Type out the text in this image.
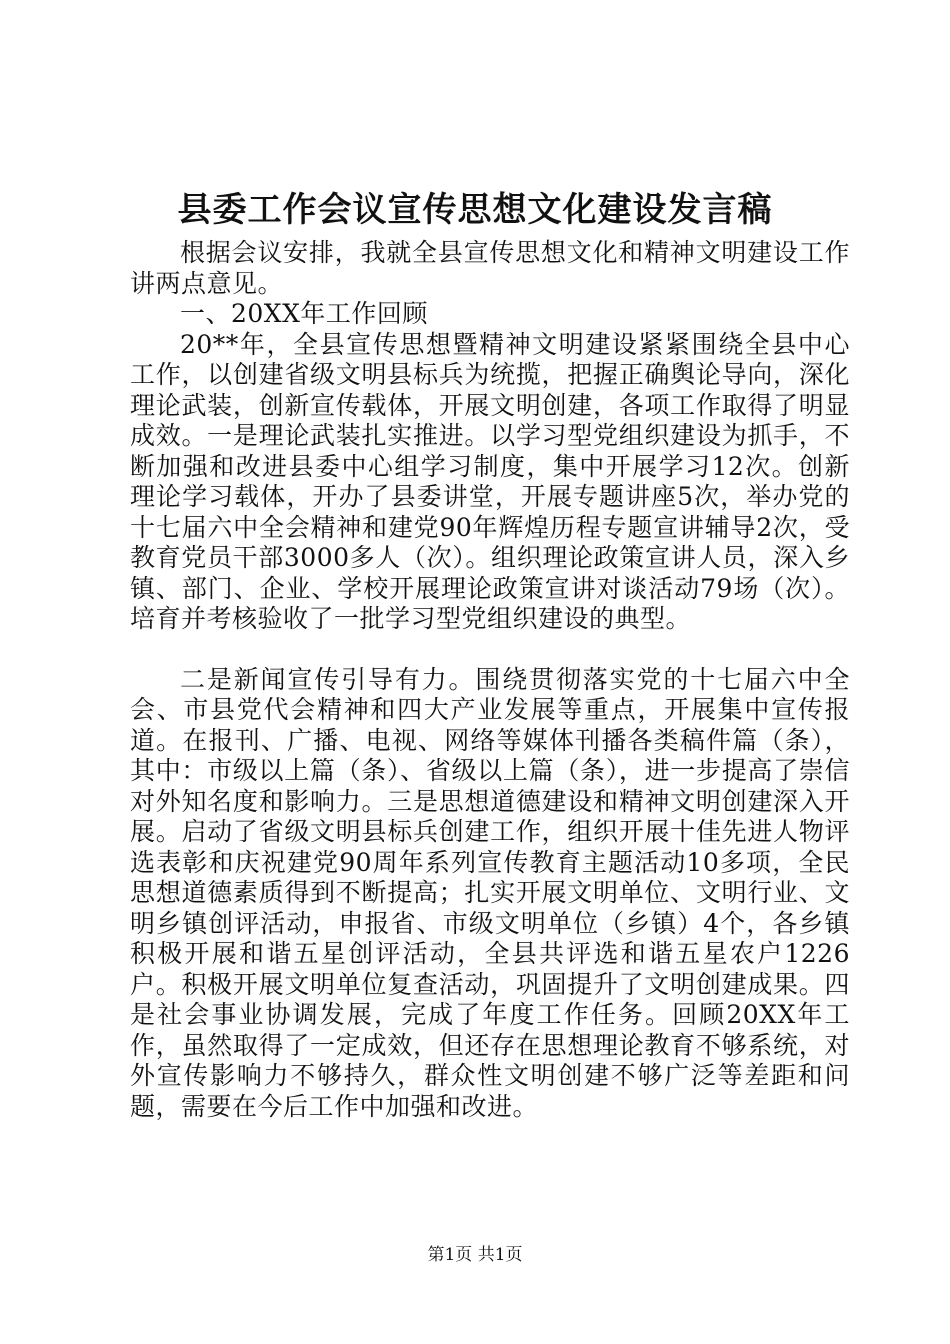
县委工作会议宣传思想文化建设发言稿

根据会议安排，我就全县宣传思想文化和精神文明建设工作讲两点意见。

一、20XX年工作回顾

20**年，全县宣传思想暨精神文明建设紧紧围绕全县中心工作，以创建省级文明县标兵为统揽，把握正确舆论导向，深化理论武装，创新宣传载体，开展文明创建，各项工作取得了明显成效。一是理论武装扎实推进。以学习型党组织建设为抓手，不断加强和改进县委中心组学习制度，集中开展学习12次。创新理论学习载体，开办了县委讲堂，开展专题讲座5次，举办党的十七届六中全会精神和建党90年辉煌历程专题宣讲辅导2次，受教育党员干部3000多人（次）。组织理论政策宣讲人员，深入乡镇、部门、企业、学校开展理论政策宣讲对谈活动79场（次）。培育并考核验收了一批学习型党组织建设的典型。

二是新闻宣传引导有力。围绕贯彻落实党的十七届六中全会、市县党代会精神和四大产业发展等重点，开展集中宣传报道。在报刊、广播、电视、网络等媒体刊播各类稿件篇（条），其中：市级以上篇（条）、省级以上篇（条），进一步提高了崇信对外知名度和影响力。三是思想道德建设和精神文明创建深入开展。启动了省级文明县标兵创建工作，组织开展十佳先进人物评选表彰和庆祝建党90周年系列宣传教育主题活动10多项，全民思想道德素质得到不断提高；扎实开展文明单位、文明行业、文明乡镇创评活动，申报省、市级文明单位（乡镇）4个，各乡镇积极开展和谐五星创评活动，全县共评选和谐五星农户1226户。积极开展文明单位复查活动，巩固提升了文明创建成果。四是社会事业协调发展，完成了年度工作任务。回顾20XX年工作，虽然取得了一定成效，但还存在思想理论教育不够系统，对外宣传影响力不够持久，群众性文明创建不够广泛等差距和问题，需要在今后工作中加强和改进。

第1页 共1页
